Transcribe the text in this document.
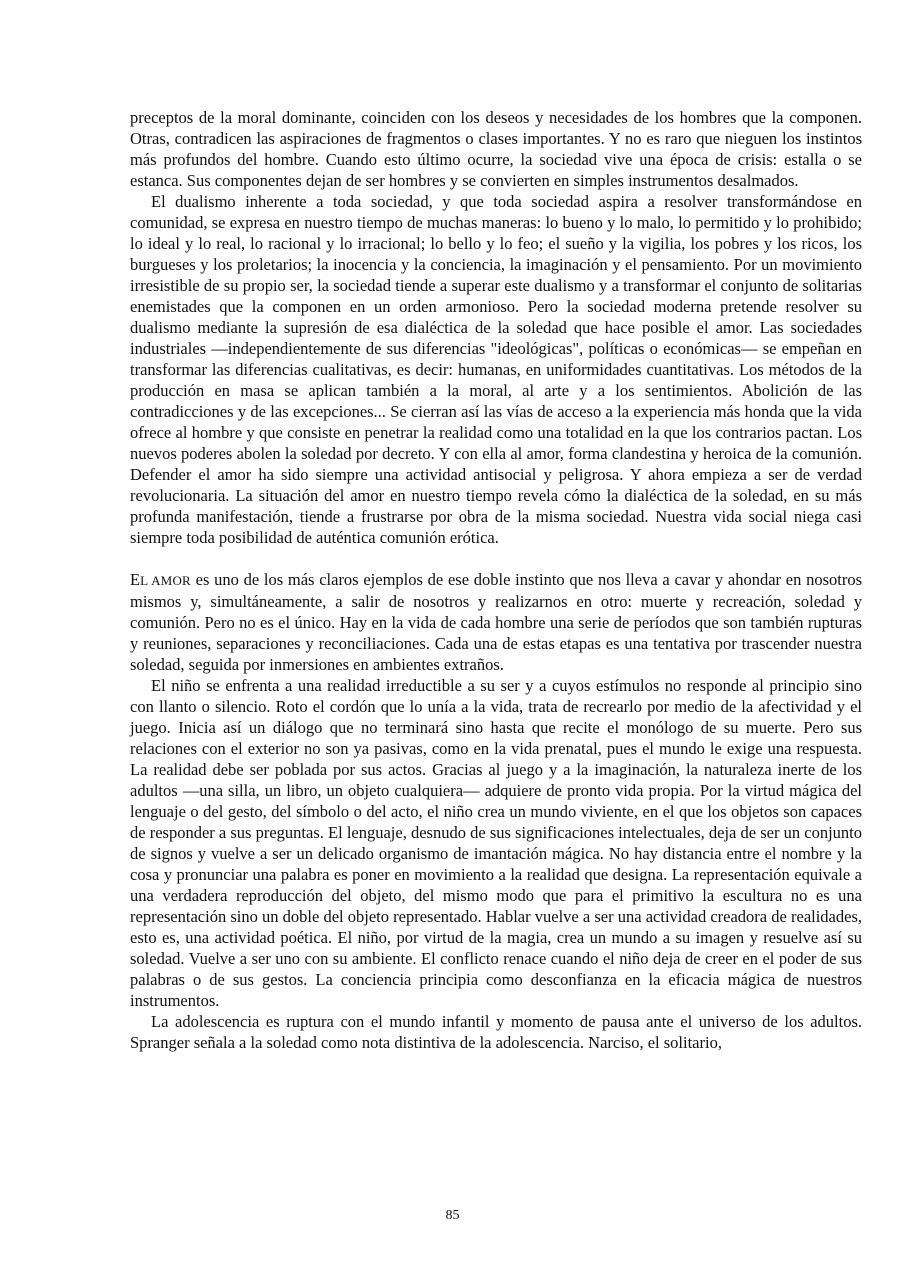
preceptos de la moral dominante, coinciden con los deseos y necesidades de los hombres que la componen. Otras, contradicen las aspiraciones de fragmentos o clases importantes. Y no es raro que nieguen los instintos más profundos del hombre. Cuando esto último ocurre, la sociedad vive una época de crisis: estalla o se estanca. Sus componentes dejan de ser hombres y se convierten en simples instrumentos desalmados.

El dualismo inherente a toda sociedad, y que toda sociedad aspira a resolver transformándose en comunidad, se expresa en nuestro tiempo de muchas maneras: lo bueno y lo malo, lo permitido y lo prohibido; lo ideal y lo real, lo racional y lo irracional; lo bello y lo feo; el sueño y la vigilia, los pobres y los ricos, los burgueses y los proletarios; la inocencia y la conciencia, la imaginación y el pensamiento. Por un movimiento irresistible de su propio ser, la sociedad tiende a superar este dualismo y a transformar el conjunto de solitarias enemistades que la componen en un orden armonioso. Pero la sociedad moderna pretende resolver su dualismo mediante la supresión de esa dialéctica de la soledad que hace posible el amor. Las sociedades industriales —independientemente de sus diferencias "ideológicas", políticas o económicas— se empeñan en transformar las diferencias cualitativas, es decir: humanas, en uniformidades cuantitativas. Los métodos de la producción en masa se aplican también a la moral, al arte y a los sentimientos. Abolición de las contradicciones y de las excepciones... Se cierran así las vías de acceso a la experiencia más honda que la vida ofrece al hombre y que consiste en penetrar la realidad como una totalidad en la que los contrarios pactan. Los nuevos poderes abolen la soledad por decreto. Y con ella al amor, forma clandestina y heroica de la comunión. Defender el amor ha sido siempre una actividad antisocial y peligrosa. Y ahora empieza a ser de verdad revolucionaria. La situación del amor en nuestro tiempo revela cómo la dialéctica de la soledad, en su más profunda manifestación, tiende a frustrarse por obra de la misma sociedad. Nuestra vida social niega casi siempre toda posibilidad de auténtica comunión erótica.

EL AMOR es uno de los más claros ejemplos de ese doble instinto que nos lleva a cavar y ahondar en nosotros mismos y, simultáneamente, a salir de nosotros y realizarnos en otro: muerte y recreación, soledad y comunión. Pero no es el único. Hay en la vida de cada hombre una serie de períodos que son también rupturas y reuniones, separaciones y reconciliaciones. Cada una de estas etapas es una tentativa por trascender nuestra soledad, seguida por inmersiones en ambientes extraños.

El niño se enfrenta a una realidad irreductible a su ser y a cuyos estímulos no responde al principio sino con llanto o silencio. Roto el cordón que lo unía a la vida, trata de recrearlo por medio de la afectividad y el juego. Inicia así un diálogo que no terminará sino hasta que recite el monólogo de su muerte. Pero sus relaciones con el exterior no son ya pasivas, como en la vida prenatal, pues el mundo le exige una respuesta. La realidad debe ser poblada por sus actos. Gracias al juego y a la imaginación, la naturaleza inerte de los adultos —una silla, un libro, un objeto cualquiera— adquiere de pronto vida propia. Por la virtud mágica del lenguaje o del gesto, del símbolo o del acto, el niño crea un mundo viviente, en el que los objetos son capaces de responder a sus preguntas. El lenguaje, desnudo de sus significaciones intelectuales, deja de ser un conjunto de signos y vuelve a ser un delicado organismo de imantación mágica. No hay distancia entre el nombre y la cosa y pronunciar una palabra es poner en movimiento a la realidad que designa. La representación equivale a una verdadera reproducción del objeto, del mismo modo que para el primitivo la escultura no es una representación sino un doble del objeto representado. Hablar vuelve a ser una actividad creadora de realidades, esto es, una actividad poética. El niño, por virtud de la magia, crea un mundo a su imagen y resuelve así su soledad. Vuelve a ser uno con su ambiente. El conflicto renace cuando el niño deja de creer en el poder de sus palabras o de sus gestos. La conciencia principia como desconfianza en la eficacia mágica de nuestros instrumentos.

La adolescencia es ruptura con el mundo infantil y momento de pausa ante el universo de los adultos. Spranger señala a la soledad como nota distintiva de la adolescencia. Narciso, el solitario,

85
